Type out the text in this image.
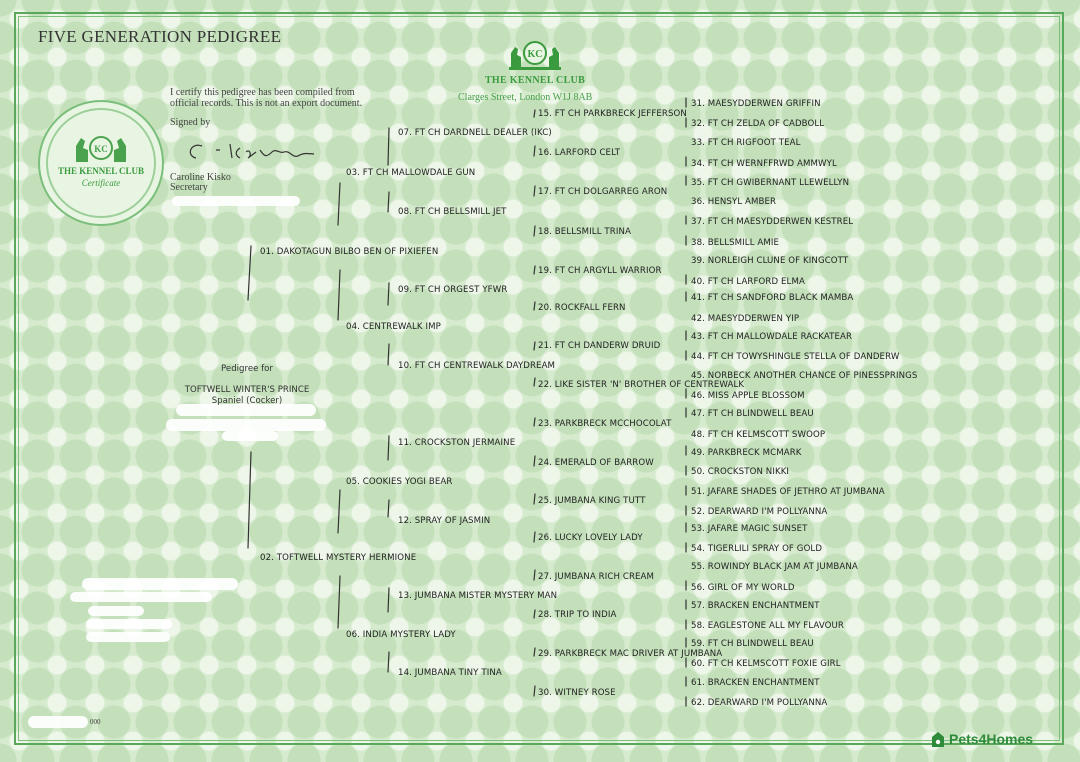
FIVE GENERATION PEDIGREE
KC
THE KENNEL CLUB
Clarges Street, London W1J 8AB
KC
THE KENNEL CLUB
Certificate
I certify this pedigree has been compiled from
official records. This is not an export document.
Signed by
Caroline Kisko
Secretary
000
Pedigree for
TOFTWELL WINTER'S PRINCE
Spaniel (Cocker)
01. DAKOTAGUN BILBO BEN OF PIXIEFEN
02. TOFTWELL MYSTERY HERMIONE
03. FT CH MALLOWDALE GUN
04. CENTREWALK IMP
05. COOKIES YOGI BEAR
06. INDIA MYSTERY LADY
07. FT CH DARDNELL DEALER (IKC)
08. FT CH BELLSMILL JET
09. FT CH ORGEST YFWR
10. FT CH CENTREWALK DAYDREAM
11. CROCKSTON JERMAINE
12. SPRAY OF JASMIN
13. JUMBANA MISTER MYSTERY MAN
14. JUMBANA TINY TINA
15. FT CH PARKBRECK JEFFERSON
16. LARFORD CELT
17. FT CH DOLGARREG ARON
18. BELLSMILL TRINA
19. FT CH ARGYLL WARRIOR
20. ROCKFALL FERN
21. FT CH DANDERW DRUID
22. LIKE SISTER 'N' BROTHER OF CENTREWALK
23. PARKBRECK MCCHOCOLAT
24. EMERALD OF BARROW
25. JUMBANA KING TUTT
26. LUCKY LOVELY LADY
27. JUMBANA RICH CREAM
28. TRIP TO INDIA
29. PARKBRECK MAC DRIVER AT JUMBANA
30. WITNEY ROSE
31. MAESYDDERWEN GRIFFIN
32. FT CH ZELDA OF CADBOLL
33. FT CH RIGFOOT TEAL
34. FT CH WERNFFRWD AMMWYL
35. FT CH GWIBERNANT LLEWELLYN
36. HENSYL AMBER
37. FT CH MAESYDDERWEN KESTREL
38. BELLSMILL AMIE
39. NORLEIGH CLUNE OF KINGCOTT
40. FT CH LARFORD ELMA
41. FT CH SANDFORD BLACK MAMBA
42. MAESYDDERWEN YIP
43. FT CH MALLOWDALE RACKATEAR
44. FT CH TOWYSHINGLE STELLA OF DANDERW
45. NORBECK ANOTHER CHANCE OF PINESSPRINGS
46. MISS APPLE BLOSSOM
47. FT CH BLINDWELL BEAU
48. FT CH KELMSCOTT SWOOP
49. PARKBRECK MCMARK
50. CROCKSTON NIKKI
51. JAFARE SHADES OF JETHRO AT JUMBANA
52. DEARWARD I'M POLLYANNA
53. JAFARE MAGIC SUNSET
54. TIGERLILI SPRAY OF GOLD
55. ROWINDY BLACK JAM AT JUMBANA
56. GIRL OF MY WORLD
57. BRACKEN ENCHANTMENT
58. EAGLESTONE ALL MY FLAVOUR
59. FT CH BLINDWELL BEAU
60. FT CH KELMSCOTT FOXIE GIRL
61. BRACKEN ENCHANTMENT
62. DEARWARD I'M POLLYANNA
Pets4Homes
